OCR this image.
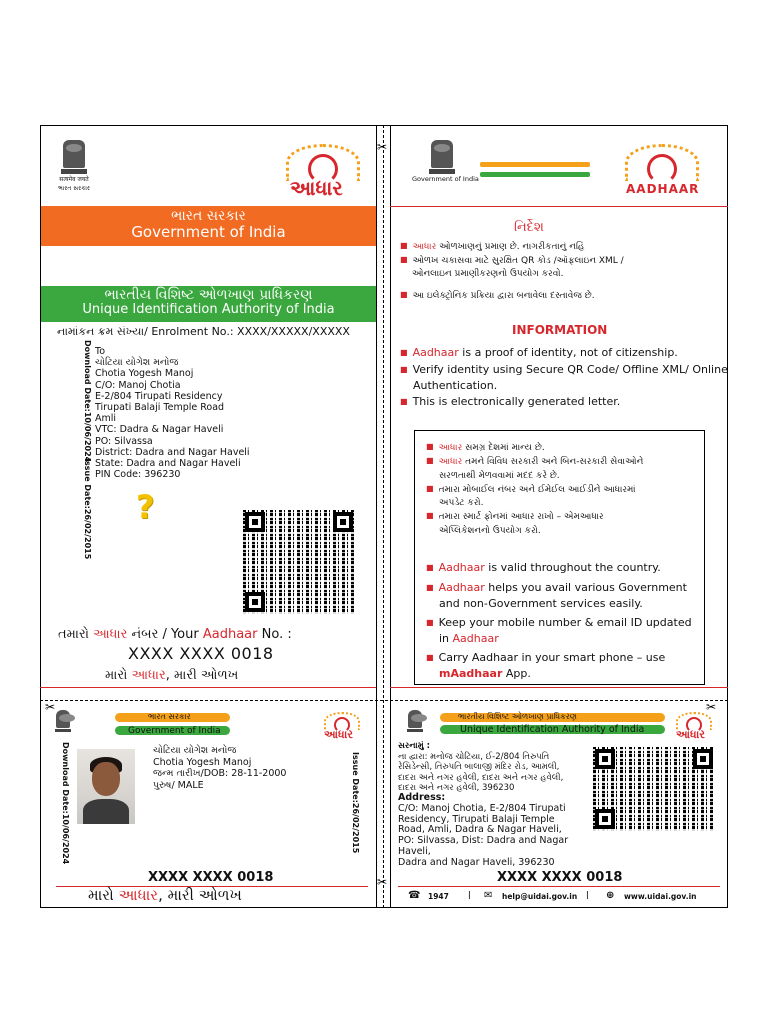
✂
✂
✂
✂
सत्यमेव जयते
ભારત સરકાર	આધાર
ભારત સરકાર
Government of India
ભારતીય વિશિષ્ટ ઓળખાણ પ્રાધિકરણ
Unique Identification Authority of India
નામાંકન ક્રમ સંખ્યા/ Enrolment No.: XXXX/XXXXX/XXXXX
Download Date:10/06/2024
Issue Date:26/02/2015
To
ચોટિયા યોગેશ મનોજ
Chotia Yogesh Manoj
C/O: Manoj Chotia
E-2/804 Tirupati Residency
Tirupati Balaji Temple Road
Amli
VTC: Dadra & Nagar Haveli
PO: Silvassa
District: Dadra and Nagar Haveli
State: Dadra and Nagar Haveli
PIN Code: 396230
?
તમારો આધાર નંબર / Your Aadhaar No. :
XXXX XXXX 0018
મારો આધાર, મારી ઓળખ
Government of India
AADHAAR
નિર્દેશ
■ આધાર ઓળખાણનું પ્રમાણ છે. નાગરીકતાનું નહિં
■ ઓળખ ચકાસવા માટે સુરક્ષિત QR કોડ /ઑફલાઇન XML /
ઓનલાઇન પ્રમાણીકરણનો ઉપયોગ કરવો.
■ આ ઇલેક્ટ્રોનિક પ્રક્રિયા દ્વારા બનાવેલા દસ્તાવેજ છે.
INFORMATION
■ Aadhaar is a proof of identity, not of citizenship.
■ Verify identity using Secure QR Code/ Offline XML/ Online
Authentication.
■ This is electronically generated letter.
■ આધાર સમગ્ર દેશમાં માન્ય છે.
■ આધાર તમને વિવિધ સરકારી અને બિન-સરકારી સેવાઓને
સરળતાથી મેળવવામાં મદદ કરે છે.
■ તમારા મોબાઈલ નંબર અને ઈમેઈલ આઈડીને આધારમાં
અપડેટ કરો.
■ તમારા સ્માર્ટ ફોનમાં આધાર રાખો – એમઆધાર
એપ્લિકેશનનો ઉપયોગ કરો.
■ Aadhaar is valid throughout the country.
■ Aadhaar helps you avail various Government
and non-Government services easily.
■ Keep your mobile number & email ID updated
in Aadhaar
■ Carry Aadhaar in your smart phone – use
mAadhaar App.
ભારત સરકાર
Government of India	આધાર
Download Date:10/06/2024	Issue Date:26/02/2015
ચોટિયા યોગેશ મનોજ
Chotia Yogesh Manoj
જન્મ તારીખ/DOB: 28-11-2000
પુરુષ/ MALE
XXXX XXXX 0018
મારો આધાર, મારી ઓળખ
ભારતીય વિશિષ્ટ ઓળખાણ પ્રાધિકરણ
Unique Identification Authority of India	આધાર
સરનામું :
ના દ્વારા: મનોજ ચોટિયા, ઈ-2/804 તિરુપતિ
રેસિડેન્સી, તિરુપતિ બાલાજી મંદિર રોડ, આમલી,
દાદરા અને નગર હવેલી, દાદરા અને નગર હવેલી,
દાદરા અને નગર હવેલી, 396230
Address:
C/O: Manoj Chotia, E-2/804 Tirupati
Residency, Tirupati Balaji Temple
Road, Amli, Dadra & Nagar Haveli,
PO: Silvassa, Dist: Dadra and Nagar
Haveli,
Dadra and Nagar Haveli, 396230
XXXX XXXX 0018
☎ 1947	| ✉ help@uidai.gov.in | ⊕ www.uidai.gov.in
